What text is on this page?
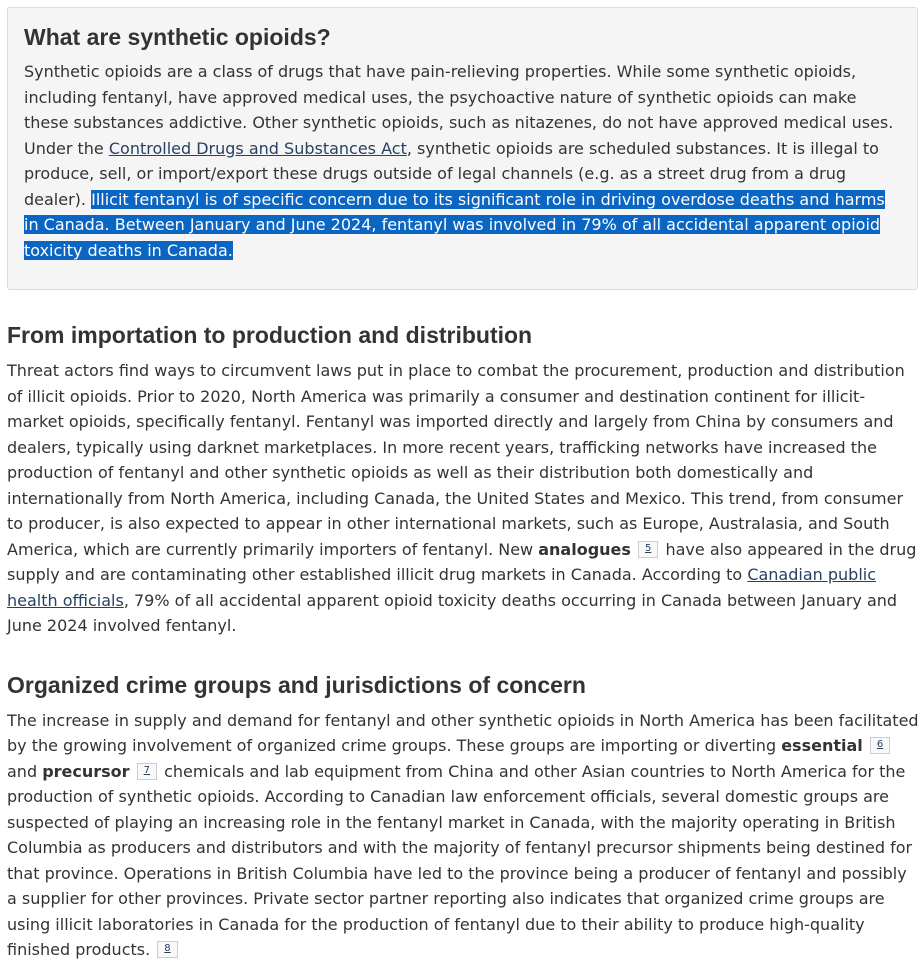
What are synthetic opioids?

Synthetic opioids are a class of drugs that have pain-relieving properties. While some synthetic opioids, including fentanyl, have approved medical uses, the psychoactive nature of synthetic opioids can make these substances addictive. Other synthetic opioids, such as nitazenes, do not have approved medical uses. Under the Controlled Drugs and Substances Act, synthetic opioids are scheduled substances. It is illegal to produce, sell, or import/export these drugs outside of legal channels (e.g. as a street drug from a drug dealer). Illicit fentanyl is of specific concern due to its significant role in driving overdose deaths and harms in Canada. Between January and June 2024, fentanyl was involved in 79% of all accidental apparent opioid toxicity deaths in Canada.

From importation to production and distribution

Threat actors find ways to circumvent laws put in place to combat the procurement, production and distribution of illicit opioids. Prior to 2020, North America was primarily a consumer and destination continent for illicit-market opioids, specifically fentanyl. Fentanyl was imported directly and largely from China by consumers and dealers, typically using darknet marketplaces. In more recent years, trafficking networks have increased the production of fentanyl and other synthetic opioids as well as their distribution both domestically and internationally from North America, including Canada, the United States and Mexico. This trend, from consumer to producer, is also expected to appear in other international markets, such as Europe, Australasia, and South America, which are currently primarily importers of fentanyl. New analogues 5 have also appeared in the drug supply and are contaminating other established illicit drug markets in Canada. According to Canadian public health officials, 79% of all accidental apparent opioid toxicity deaths occurring in Canada between January and June 2024 involved fentanyl.

Organized crime groups and jurisdictions of concern

The increase in supply and demand for fentanyl and other synthetic opioids in North America has been facilitated by the growing involvement of organized crime groups. These groups are importing or diverting essential 6 and precursor 7 chemicals and lab equipment from China and other Asian countries to North America for the production of synthetic opioids. According to Canadian law enforcement officials, several domestic groups are suspected of playing an increasing role in the fentanyl market in Canada, with the majority operating in British Columbia as producers and distributors and with the majority of fentanyl precursor shipments being destined for that province. Operations in British Columbia have led to the province being a producer of fentanyl and possibly a supplier for other provinces. Private sector partner reporting also indicates that organized crime groups are using illicit laboratories in Canada for the production of fentanyl due to their ability to produce high-quality finished products. 8
